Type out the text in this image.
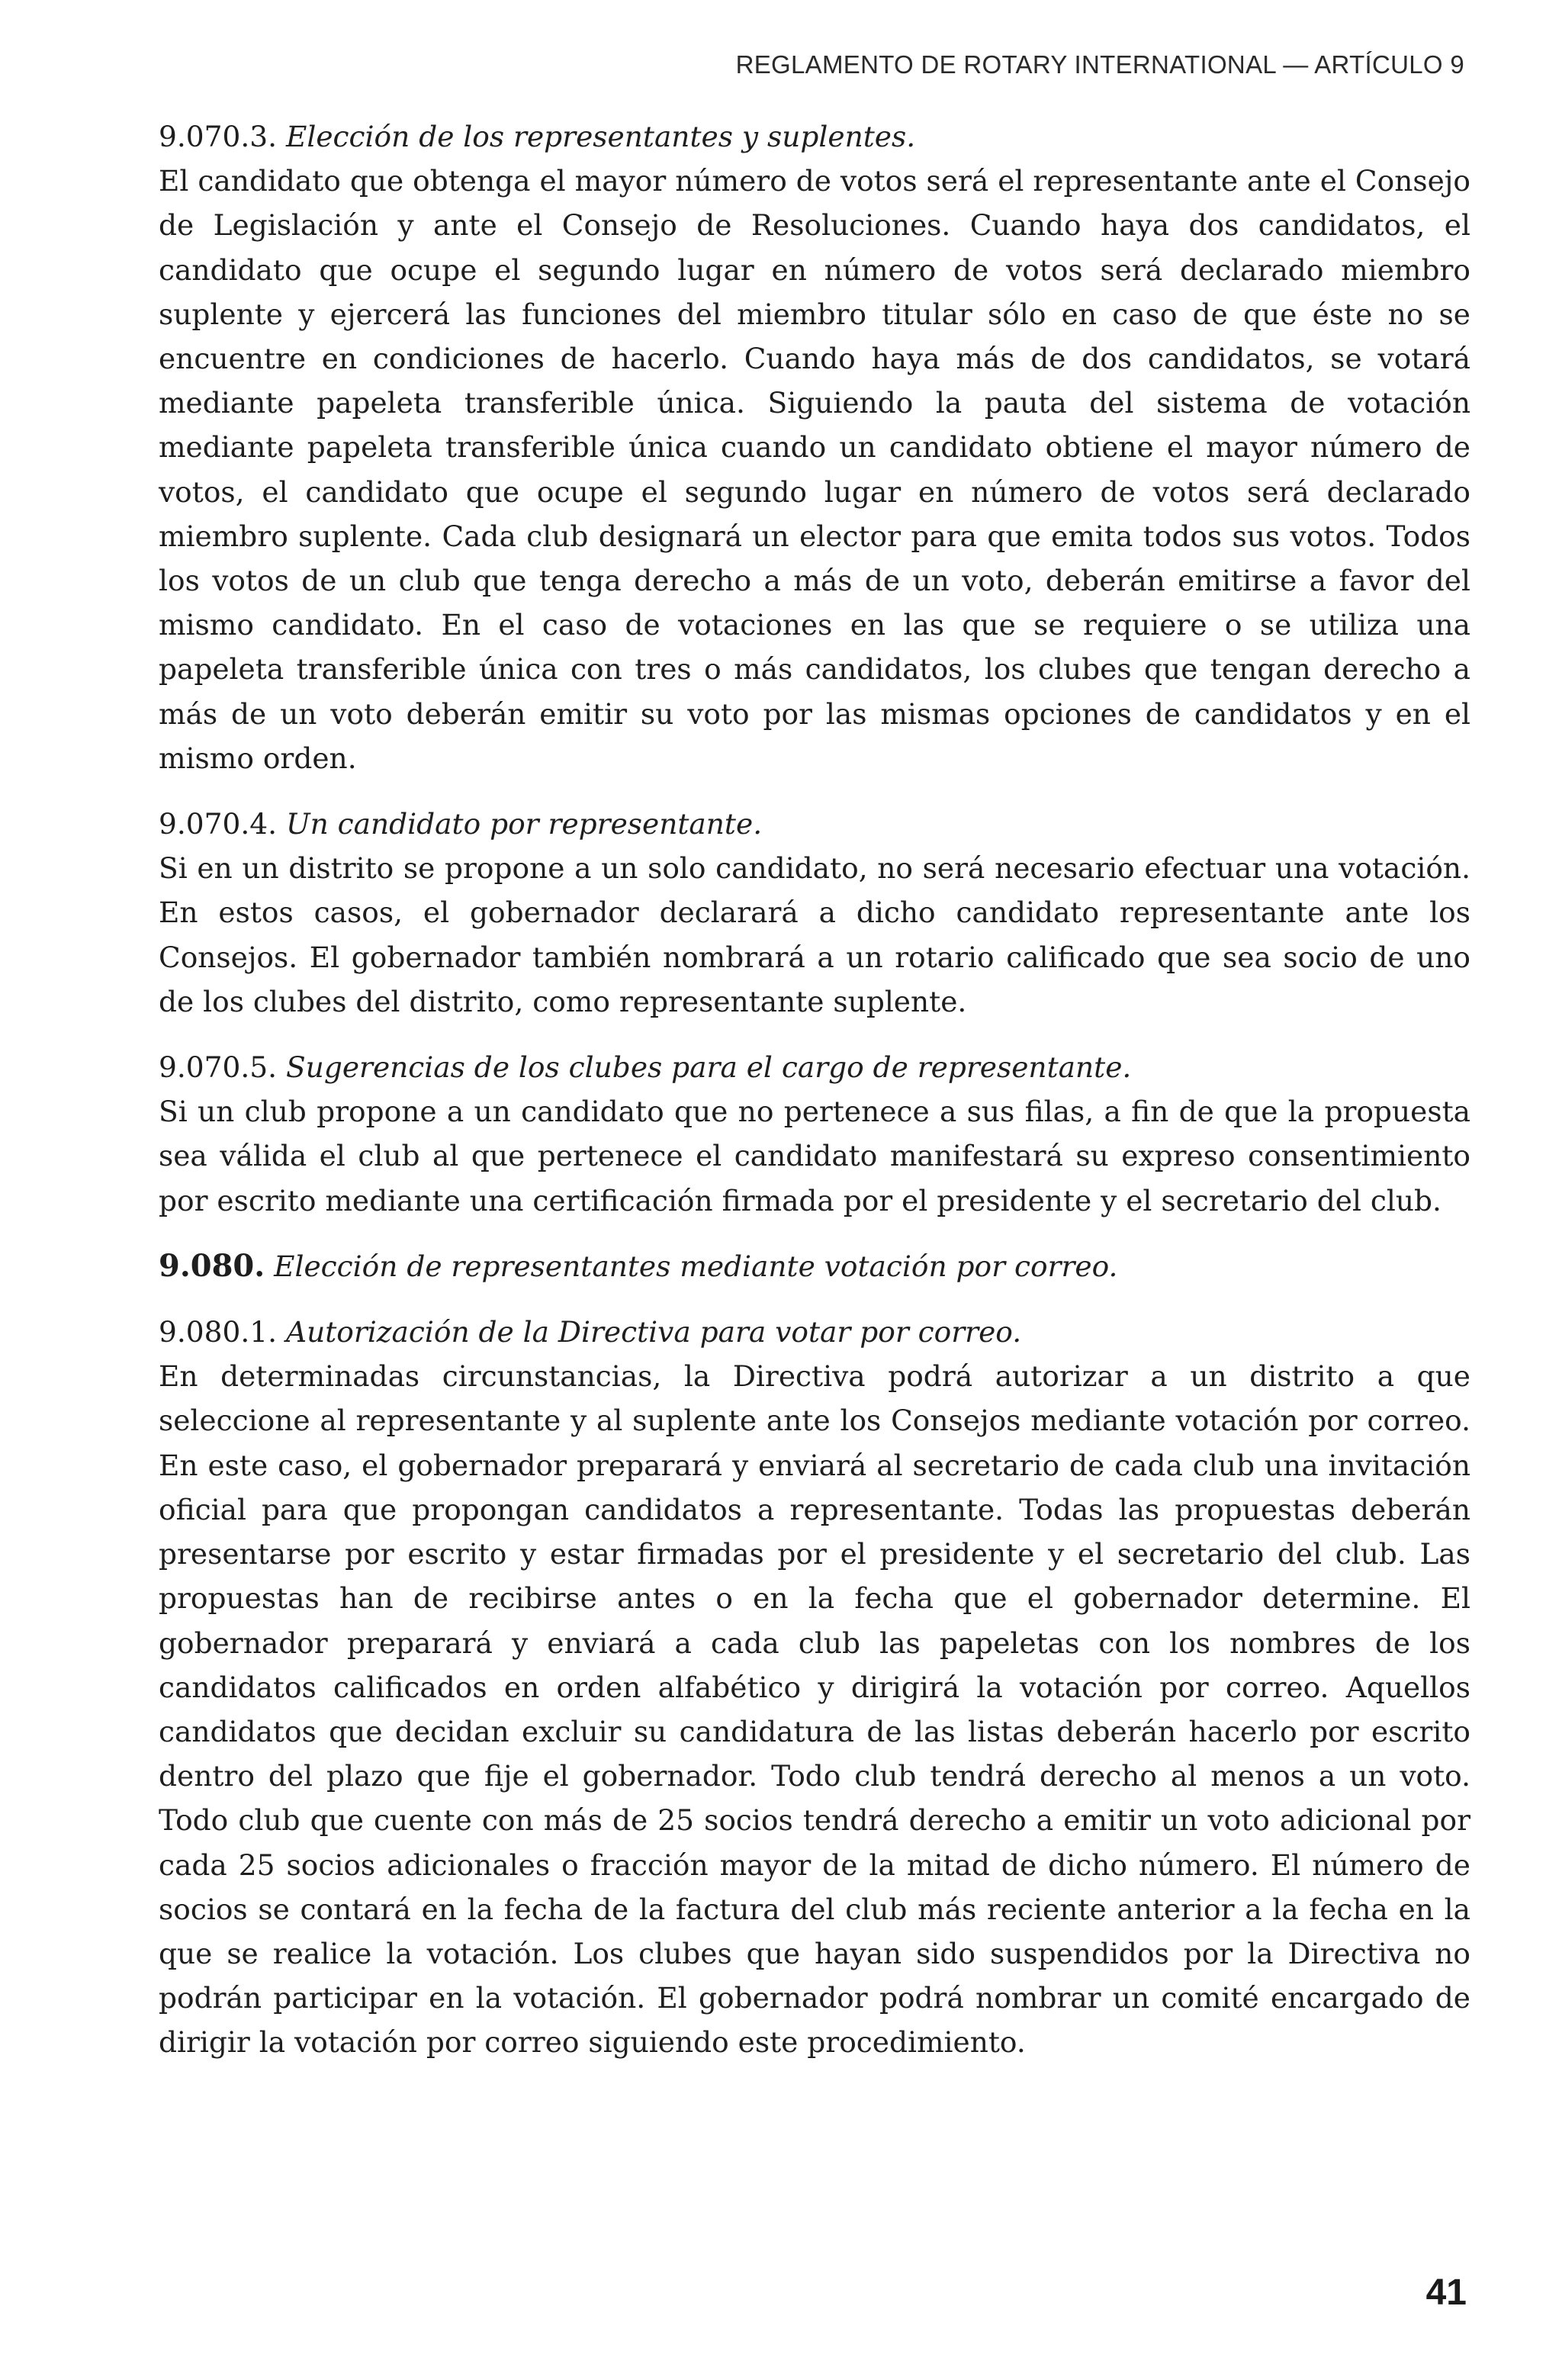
REGLAMENTO DE ROTARY INTERNATIONAL — ARTÍCULO 9
9.070.3. Elección de los representantes y suplentes.

El candidato que obtenga el mayor número de votos será el representante ante el Consejo de Legislación y ante el Consejo de Resoluciones. Cuando haya dos candidatos, el candidato que ocupe el segundo lugar en número de votos será declarado miembro suplente y ejercerá las funciones del miembro titular sólo en caso de que éste no se encuentre en condiciones de hacerlo. Cuando haya más de dos candidatos, se votará mediante papeleta transferible única. Siguiendo la pauta del sistema de votación mediante papeleta transferible única cuando un candidato obtiene el mayor número de votos, el candidato que ocupe el segundo lugar en número de votos será declarado miembro suplente. Cada club designará un elector para que emita todos sus votos. Todos los votos de un club que tenga derecho a más de un voto, deberán emitirse a favor del mismo candidato. En el caso de votaciones en las que se requiere o se utiliza una papeleta transferible única con tres o más candidatos, los clubes que tengan derecho a más de un voto deberán emitir su voto por las mismas opciones de candidatos y en el mismo orden.

9.070.4. Un candidato por representante.

Si en un distrito se propone a un solo candidato, no será necesario efectuar una votación. En estos casos, el gobernador declarará a dicho candidato representante ante los Consejos. El gobernador también nombrará a un rotario calificado que sea socio de uno de los clubes del distrito, como representante suplente.

9.070.5. Sugerencias de los clubes para el cargo de representante.

Si un club propone a un candidato que no pertenece a sus filas, a fin de que la propuesta sea válida el club al que pertenece el candidato manifestará su expreso consentimiento por escrito mediante una certificación firmada por el presidente y el secretario del club.

9.080. Elección de representantes mediante votación por correo.
9.080.1. Autorización de la Directiva para votar por correo.

En determinadas circunstancias, la Directiva podrá autorizar a un distrito a que seleccione al representante y al suplente ante los Consejos mediante votación por correo. En este caso, el gobernador preparará y enviará al secretario de cada club una invitación oficial para que propongan candidatos a representante. Todas las propuestas deberán presentarse por escrito y estar firmadas por el presidente y el secretario del club. Las propuestas han de recibirse antes o en la fecha que el gobernador determine. El gobernador preparará y enviará a cada club las papeletas con los nombres de los candidatos calificados en orden alfabético y dirigirá la votación por correo. Aquellos candidatos que decidan excluir su candidatura de las listas deberán hacerlo por escrito dentro del plazo que fije el gobernador. Todo club tendrá derecho al menos a un voto. Todo club que cuente con más de 25 socios tendrá derecho a emitir un voto adicional por cada 25 socios adicionales o fracción mayor de la mitad de dicho número. El número de socios se contará en la fecha de la factura del club más reciente anterior a la fecha en la que se realice la votación. Los clubes que hayan sido suspendidos por la Directiva no podrán participar en la votación. El gobernador podrá nombrar un comité encargado de dirigir la votación por correo siguiendo este procedimiento.

41
